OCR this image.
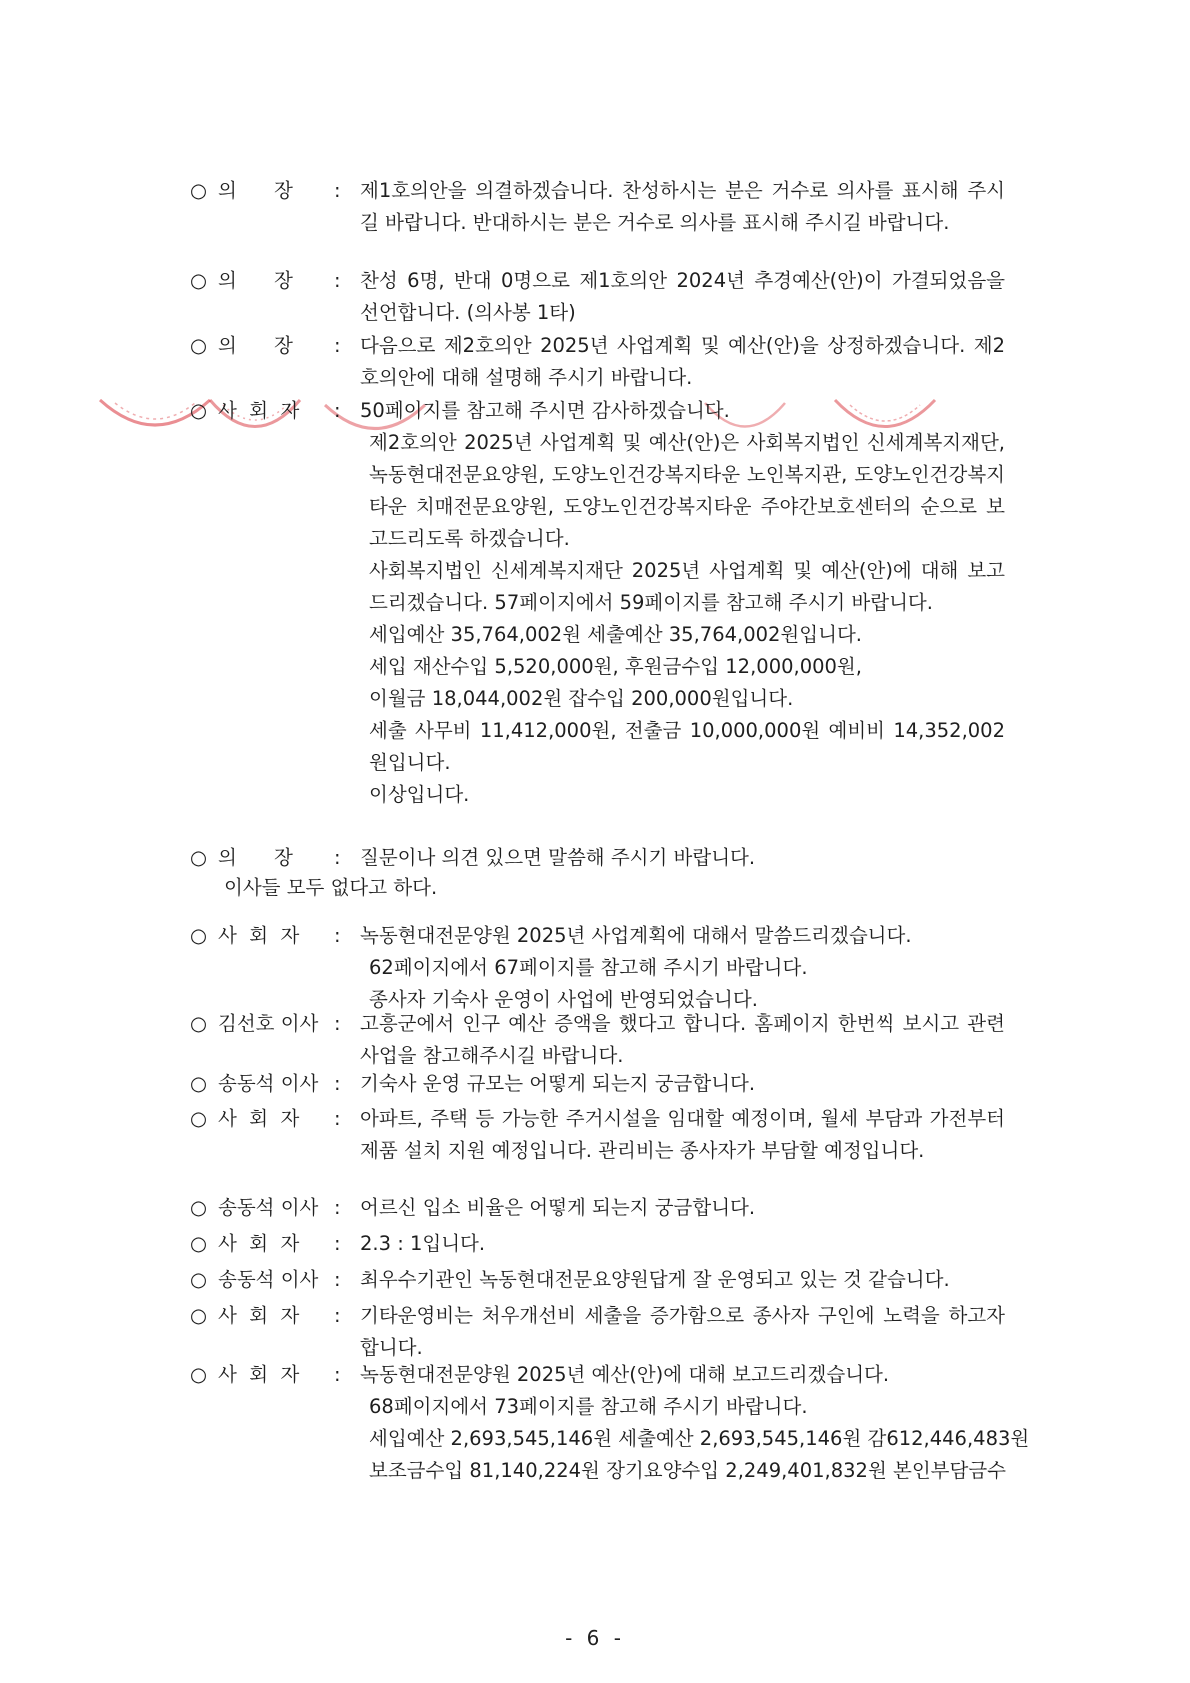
○ 의      장	: 제1호의안을 의결하겠습니다. 찬성하시는 분은 거수로 의사를 표시해 주시길 바랍니다. 반대하시는 분은 거수로 의사를 표시해 주시길 바랍니다.
○ 의      장	: 찬성 6명, 반대 0명으로 제1호의안 2024년 추경예산(안)이 가결되었음을 선언합니다. (의사봉 1타)
○ 의      장	: 다음으로 제2호의안 2025년 사업계획 및 예산(안)을 상정하겠습니다. 제2호의안에 대해 설명해 주시기 바랍니다.
○ 사  회  자	: 50페이지를 참고해 주시면 감사하겠습니다.
제2호의안 2025년 사업계획 및 예산(안)은 사회복지법인 신세계복지재단, 녹동현대전문요양원, 도양노인건강복지타운 노인복지관, 도양노인건강복지타운 치매전문요양원, 도양노인건강복지타운 주야간보호센터의 순으로 보고드리도록 하겠습니다.
사회복지법인 신세계복지재단 2025년 사업계획 및 예산(안)에 대해 보고 드리겠습니다. 57페이지에서 59페이지를 참고해 주시기 바랍니다.
세입예산 35,764,002원 세출예산 35,764,002원입니다.
세입 재산수입 5,520,000원, 후원금수입 12,000,000원,
이월금 18,044,002원 잡수입 200,000원입니다.
세출 사무비 11,412,000원, 전출금 10,000,000원 예비비 14,352,002원입니다.
이상입니다.
○ 의      장	: 질문이나 의견 있으면 말씀해 주시기 바랍니다.
이사들 모두 없다고 하다.
○ 사  회  자	: 녹동현대전문양원 2025년 사업계획에 대해서 말씀드리겠습니다.
62페이지에서 67페이지를 참고해 주시기 바랍니다.
종사자 기숙사 운영이 사업에 반영되었습니다.
○ 김선호 이사 : 고흥군에서 인구 예산 증액을 했다고 합니다. 홈페이지 한번씩 보시고 관련 사업을 참고해주시길 바랍니다.
○ 송동석 이사 : 기숙사 운영 규모는 어떻게 되는지 궁금합니다.
○ 사  회  자	: 아파트, 주택 등 가능한 주거시설을 임대할 예정이며, 월세 부담과 가전부터 제품 설치 지원 예정입니다. 관리비는 종사자가 부담할 예정입니다.
○ 송동석 이사 : 어르신 입소 비율은 어떻게 되는지 궁금합니다.
○ 사  회  자	: 2.3 : 1입니다.
○ 송동석 이사 : 최우수기관인 녹동현대전문요양원답게 잘 운영되고 있는 것 같습니다.
○ 사  회  자	: 기타운영비는 처우개선비 세출을 증가함으로 종사자 구인에 노력을 하고자 합니다.
○ 사  회  자	: 녹동현대전문양원 2025년 예산(안)에 대해 보고드리겠습니다.
68페이지에서 73페이지를 참고해 주시기 바랍니다.
세입예산 2,693,545,146원 세출예산 2,693,545,146원 감612,446,483원
보조금수입 81,140,224원 장기요양수입 2,249,401,832원 본인부담금수
- 6 -
